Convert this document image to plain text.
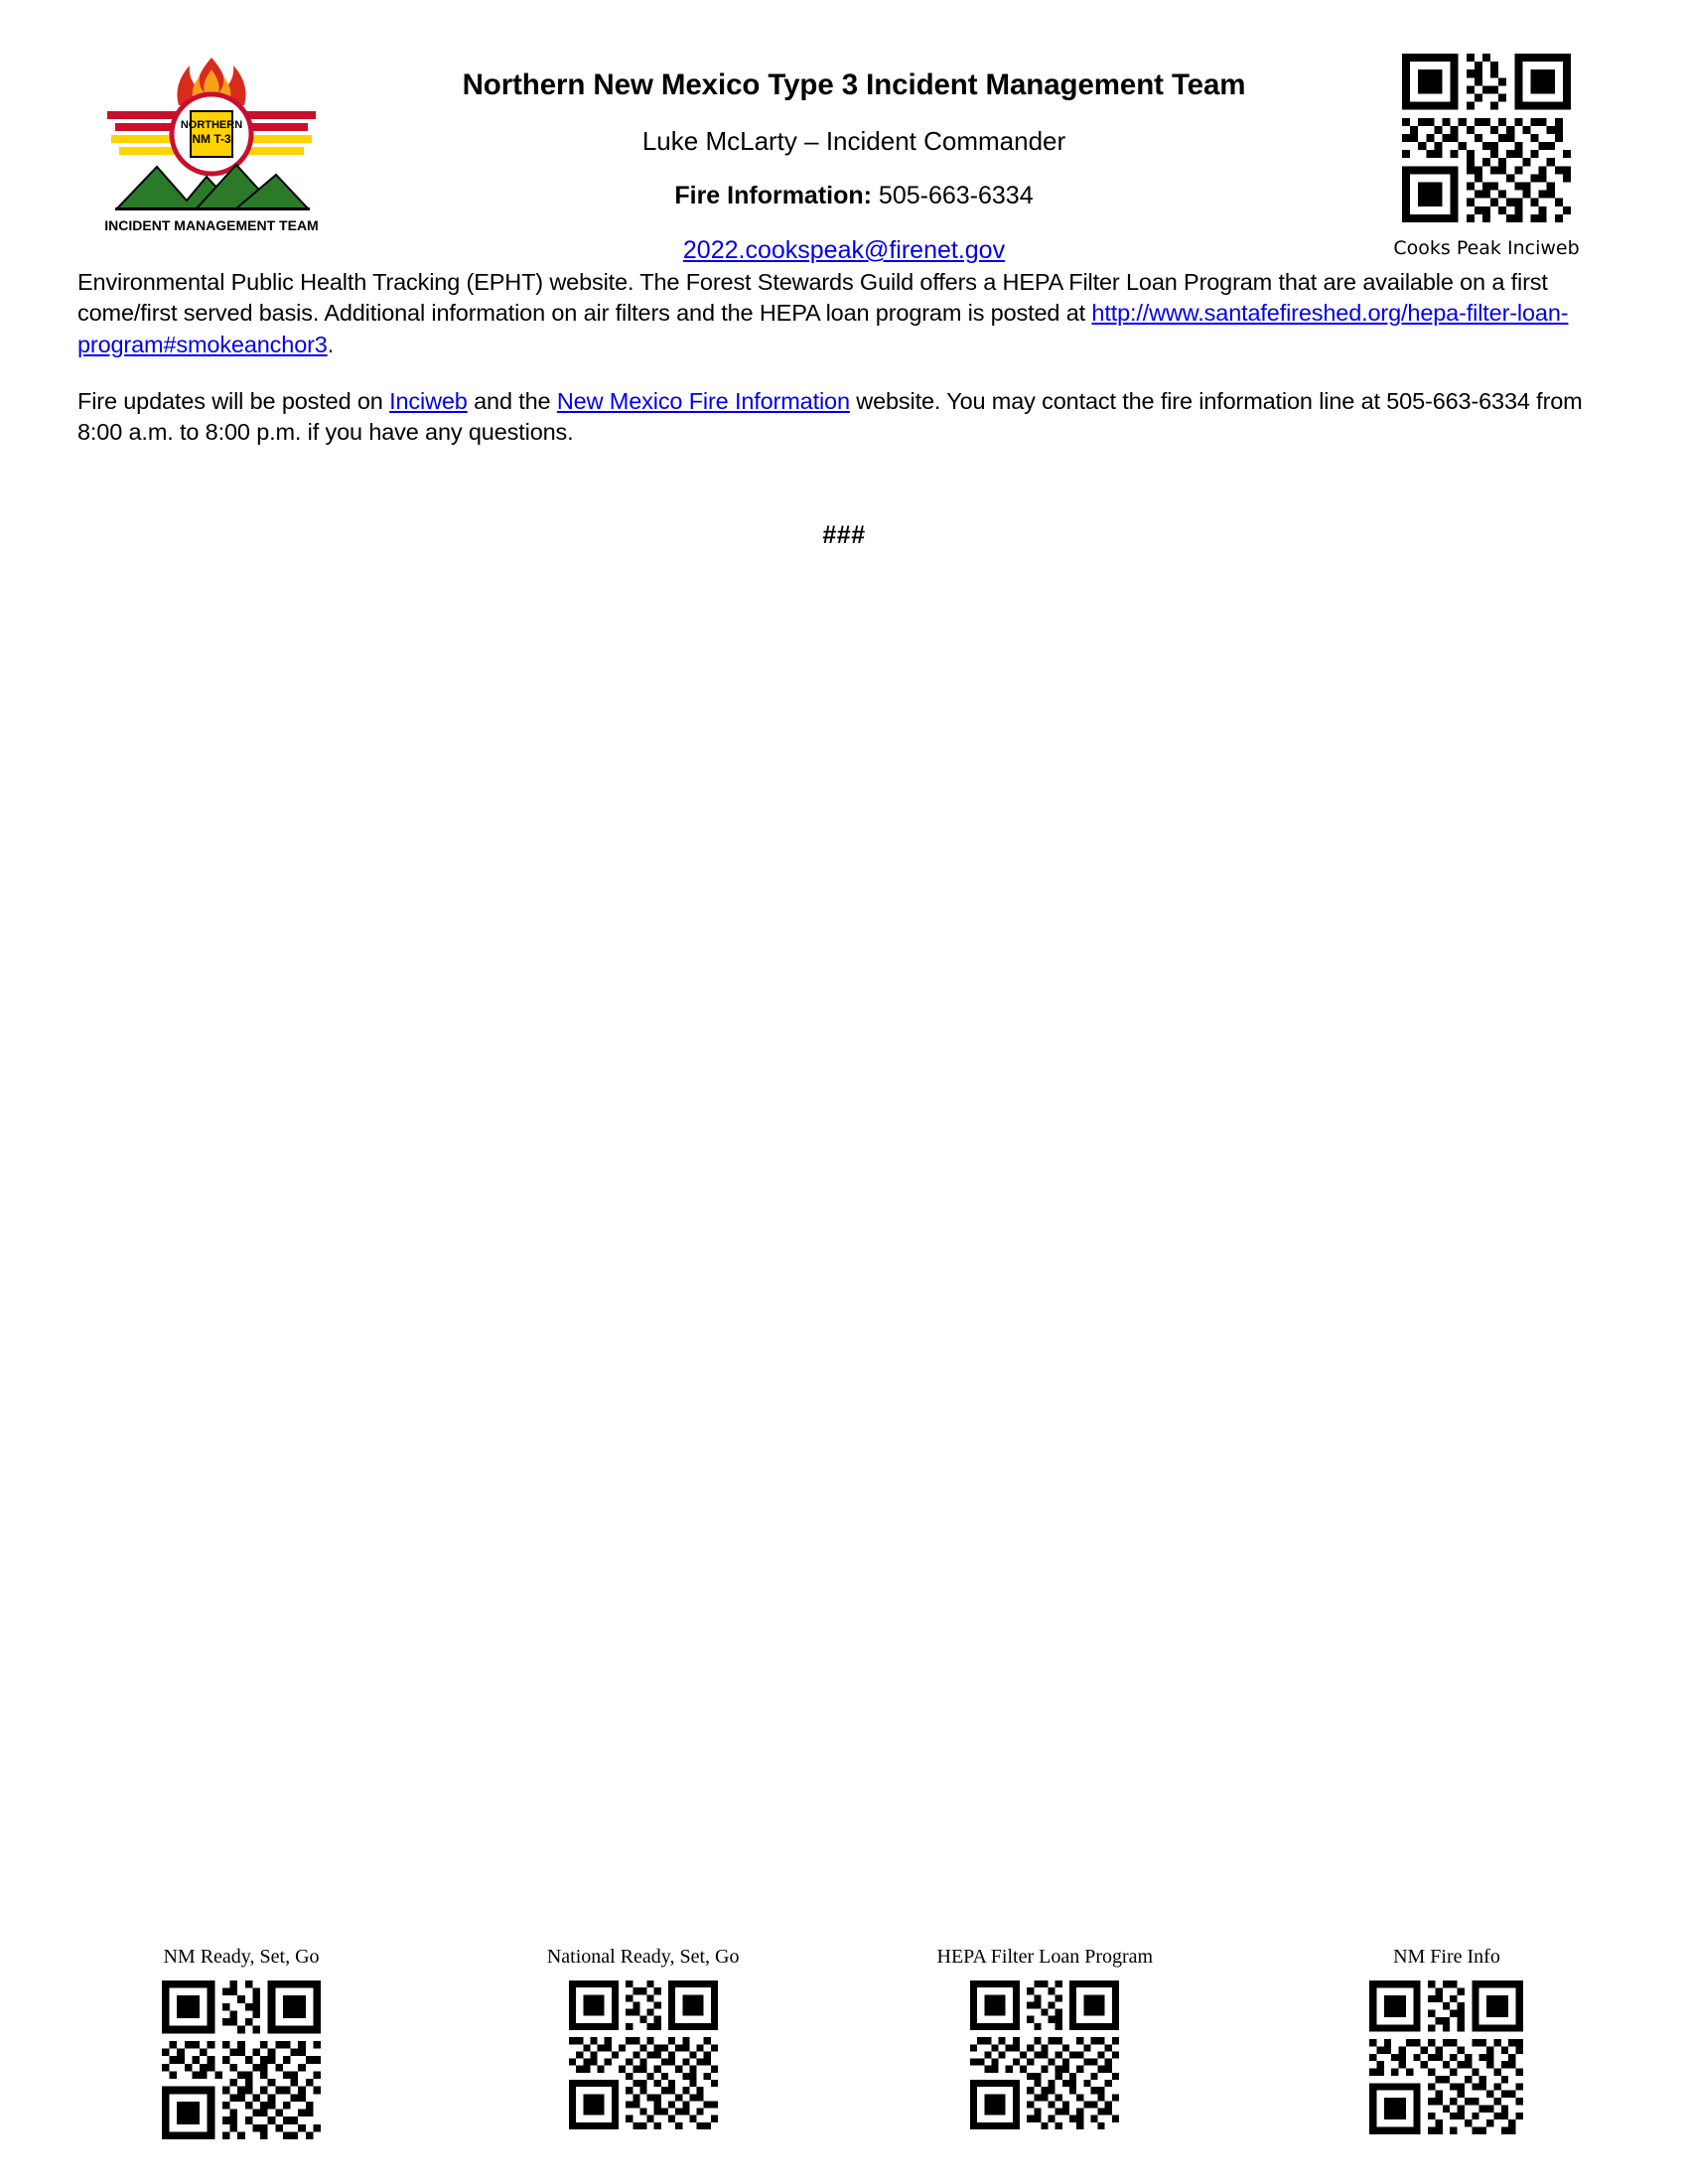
NORTHERN
NM T-3
INCIDENT MANAGEMENT TEAM
Northern New Mexico Type 3 Incident Management Team
Luke McLarty – Incident Commander
Fire Information: 505-663-6334
Cooks Peak Inciweb
2022.cookspeak@firenet.gov

Environmental Public Health Tracking (EPHT) website. The Forest Stewards Guild offers a HEPA Filter Loan Program that are available on a first come/first served basis. Additional information on air filters and the HEPA loan program is posted at http://www.santafefireshed.org/hepa-filter-loan-program#smokeanchor3.

Fire updates will be posted on Inciweb and the New Mexico Fire Information website. You may contact the fire information line at 505-663-6334 from 8:00 a.m. to 8:00 p.m. if you have any questions.

###
NM Ready, Set, Go	National Ready, Set, Go	HEPA Filter Loan Program	NM Fire Info
